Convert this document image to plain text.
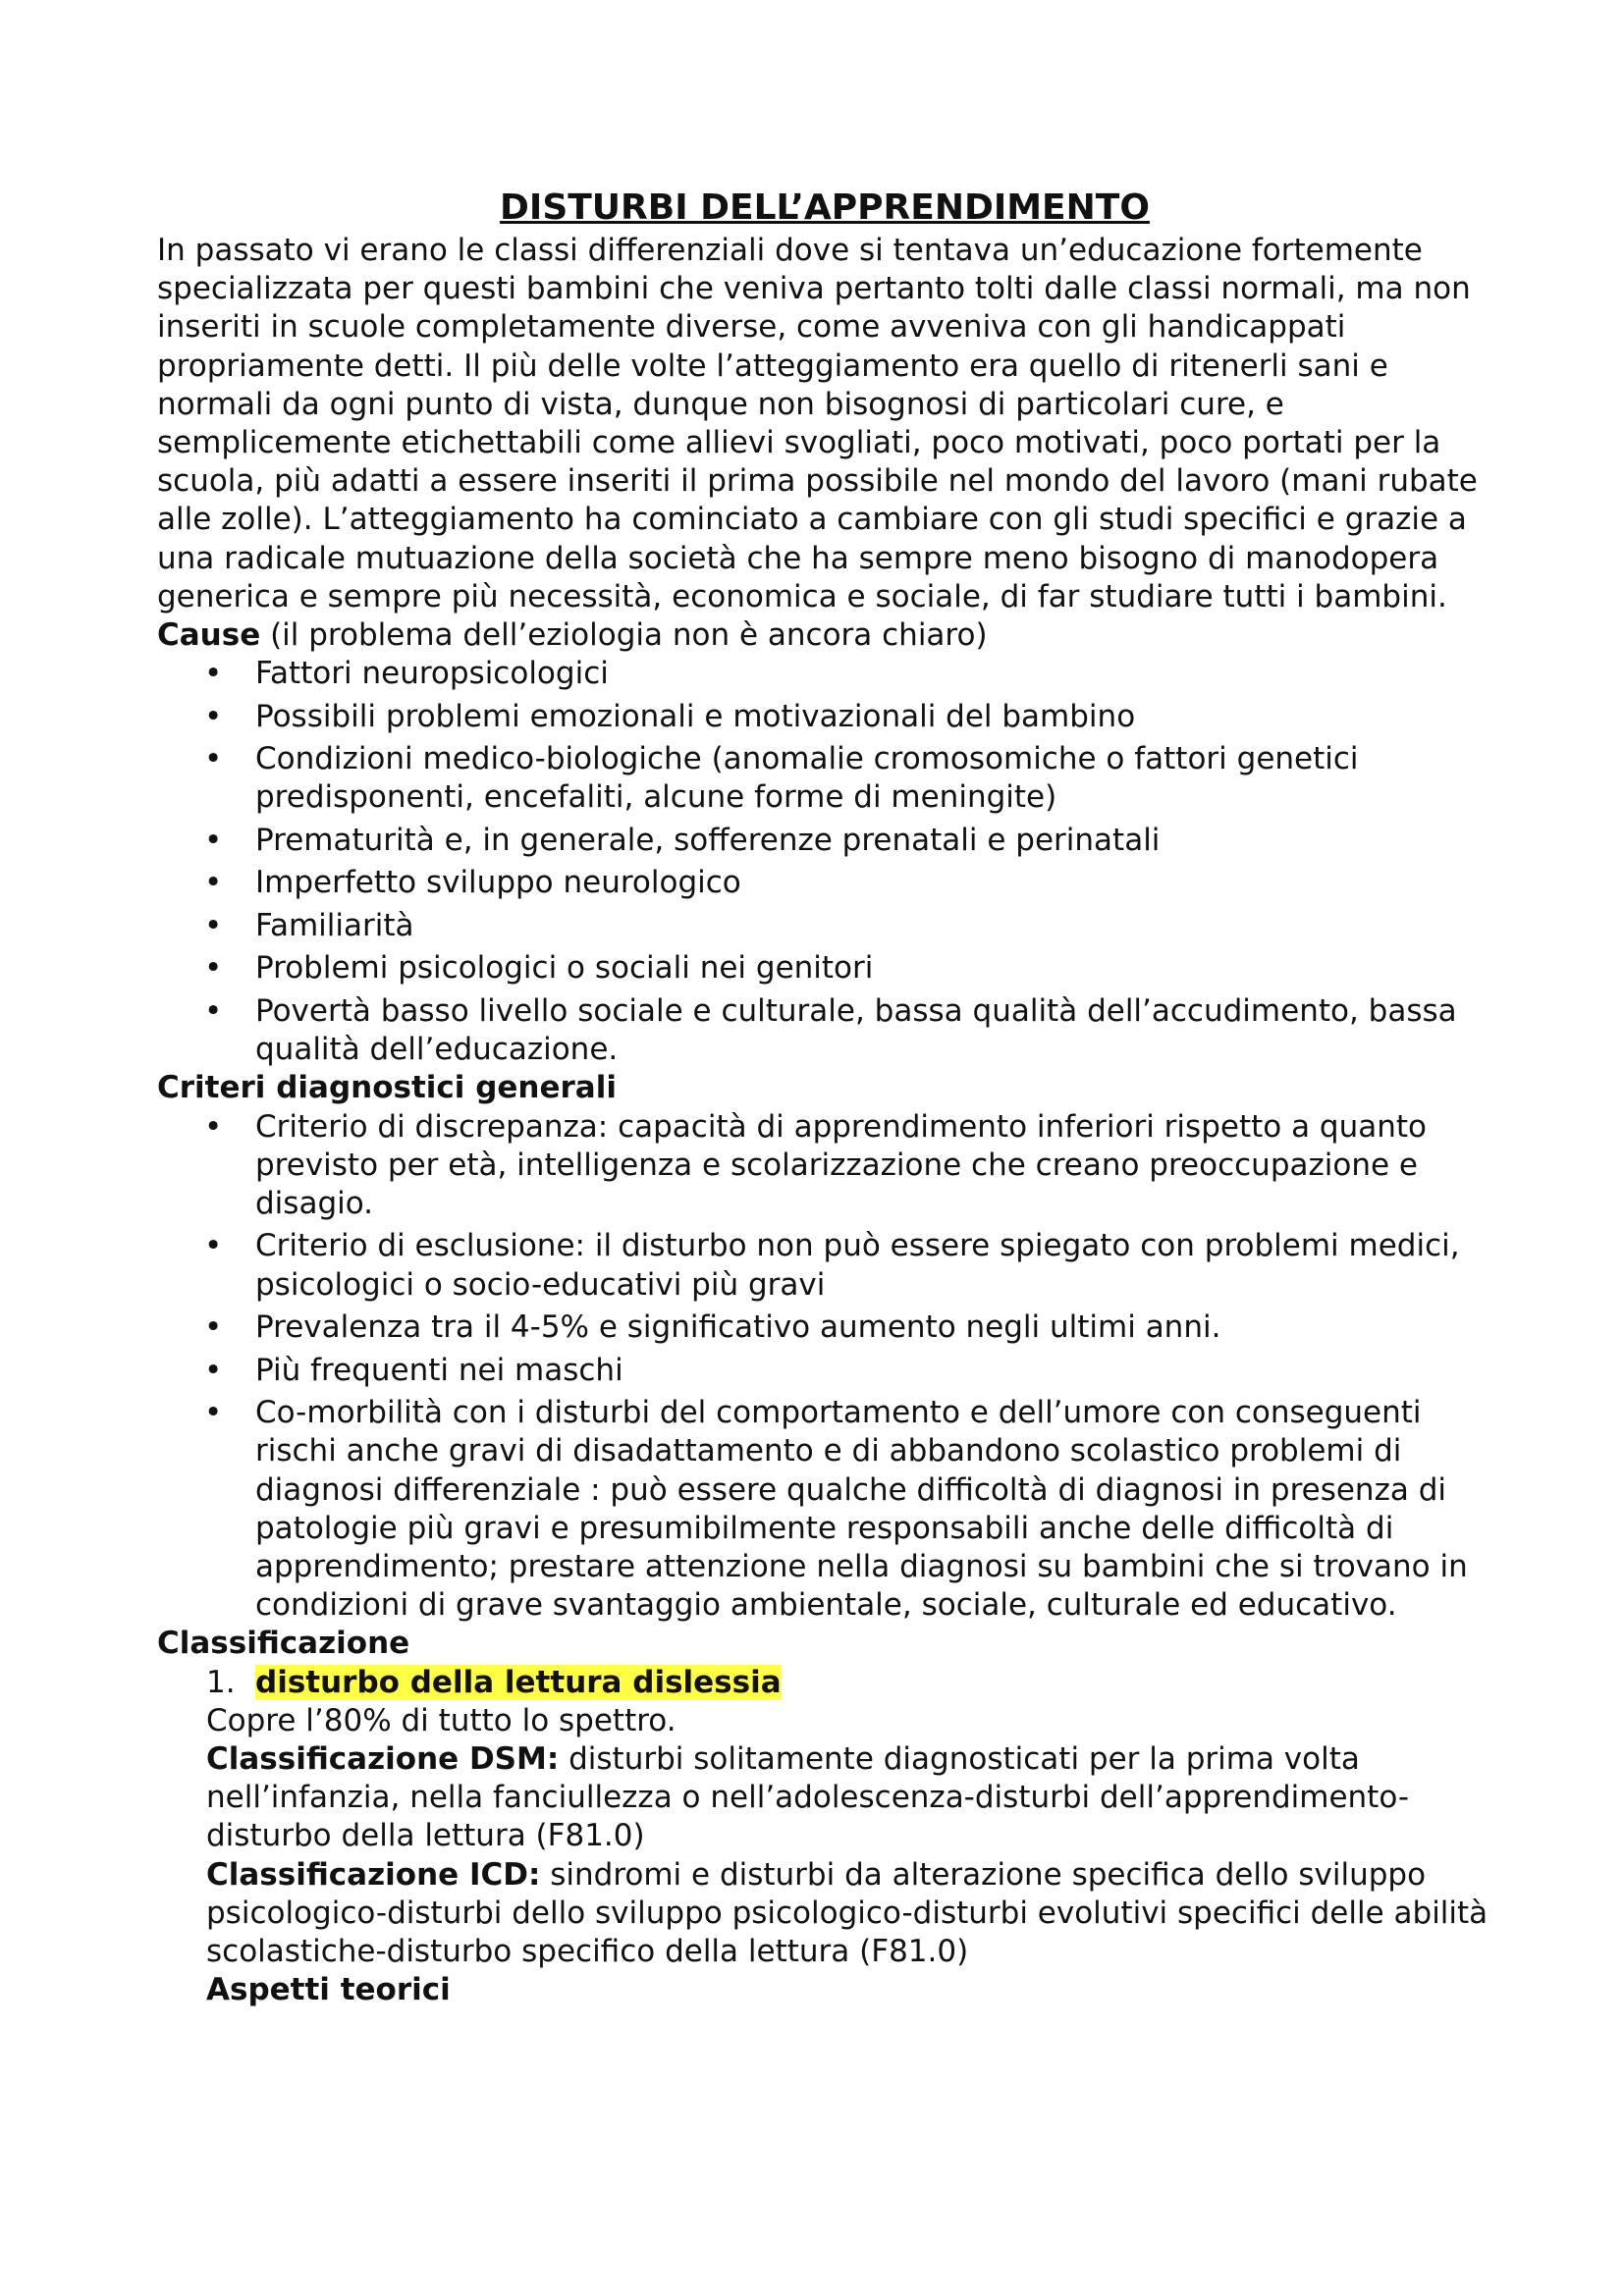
DISTURBI DELL’APPRENDIMENTO

In passato vi erano le classi differenziali dove si tentava un’educazione fortemente specializzata per questi bambini che veniva pertanto tolti dalle classi normali, ma non inseriti in scuole completamente diverse, come avveniva con gli handicappati propriamente detti. Il più delle volte l’atteggiamento era quello di ritenerli sani e normali da ogni punto di vista, dunque non bisognosi di particolari cure, e semplicemente etichettabili come allievi svogliati, poco motivati, poco portati per la scuola, più adatti a essere inseriti il prima possibile nel mondo del lavoro (mani rubate alle zolle). L’atteggiamento ha cominciato a cambiare con gli studi specifici e grazie a una radicale mutuazione della società che ha sempre meno bisogno di manodopera generica e sempre più necessità, economica e sociale, di far studiare tutti i bambini.

Cause (il problema dell’eziologia non è ancora chiaro)

• Fattori neuropsicologici
• Possibili problemi emozionali e motivazionali del bambino
• Condizioni medico-biologiche (anomalie cromosomiche o fattori genetici predisponenti, encefaliti, alcune forme di meningite)
• Prematurità e, in generale, sofferenze prenatali e perinatali
• Imperfetto sviluppo neurologico
• Familiarità
• Problemi psicologici o sociali nei genitori
• Povertà basso livello sociale e culturale, bassa qualità dell’accudimento, bassa qualità dell’educazione.

Criteri diagnostici generali

• Criterio di discrepanza: capacità di apprendimento inferiori rispetto a quanto previsto per età, intelligenza e scolarizzazione che creano preoccupazione e disagio.
• Criterio di esclusione: il disturbo non può essere spiegato con problemi medici, psicologici o socio-educativi più gravi
• Prevalenza tra il 4-5% e significativo aumento negli ultimi anni.
• Più frequenti nei maschi
• Co-morbilità con i disturbi del comportamento e dell’umore con conseguenti rischi anche gravi di disadattamento e di abbandono scolastico problemi di diagnosi differenziale : può essere qualche difficoltà di diagnosi in presenza di patologie più gravi e presumibilmente responsabili anche delle difficoltà di apprendimento; prestare attenzione nella diagnosi su bambini che si trovano in condizioni di grave svantaggio ambientale, sociale, culturale ed educativo.

Classificazione

1. disturbo della lettura dislessia

Copre l’80% di tutto lo spettro.

Classificazione DSM: disturbi solitamente diagnosticati per la prima volta nell’infanzia, nella fanciullezza o nell’adolescenza-disturbi dell’apprendimento-disturbo della lettura (F81.0)

Classificazione ICD: sindromi e disturbi da alterazione specifica dello sviluppo psicologico-disturbi dello sviluppo psicologico-disturbi evolutivi specifici delle abilità scolastiche-disturbo specifico della lettura (F81.0)

Aspetti teorici
